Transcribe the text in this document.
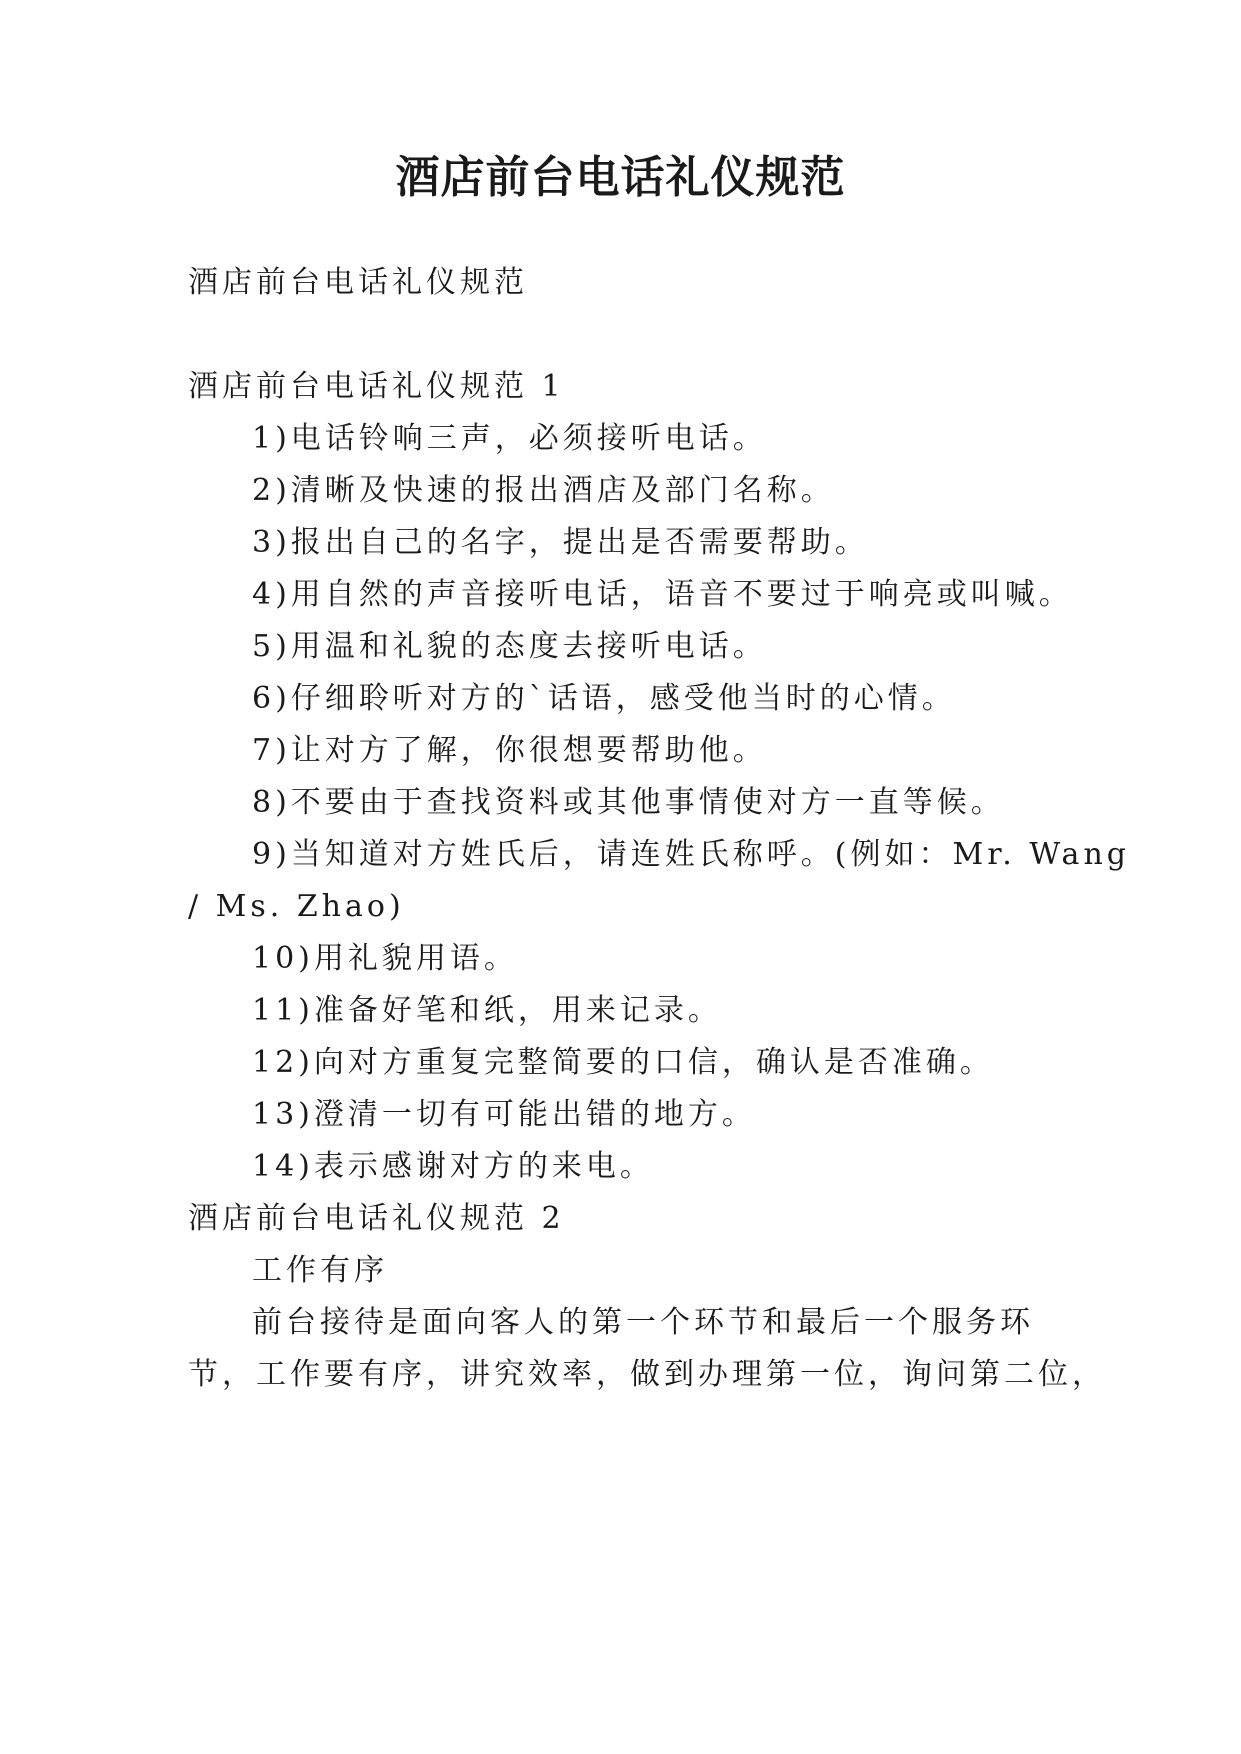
酒店前台电话礼仪规范

酒店前台电话礼仪规范

酒店前台电话礼仪规范 1

1)电话铃响三声，必须接听电话。

2)清晰及快速的报出酒店及部门名称。

3)报出自己的名字，提出是否需要帮助。

4)用自然的声音接听电话，语音不要过于响亮或叫喊。

5)用温和礼貌的态度去接听电话。

6)仔细聆听对方的`话语，感受他当时的心情。

7)让对方了解，你很想要帮助他。

8)不要由于查找资料或其他事情使对方一直等候。

9)当知道对方姓氏后，请连姓氏称呼。(例如：Mr. Wang

/ Ms. Zhao)

10)用礼貌用语。

11)准备好笔和纸，用来记录。

12)向对方重复完整简要的口信，确认是否准确。

13)澄清一切有可能出错的地方。

14)表示感谢对方的来电。

酒店前台电话礼仪规范 2

工作有序

前台接待是面向客人的第一个环节和最后一个服务环

节，工作要有序，讲究效率，做到办理第一位，询问第二位，
